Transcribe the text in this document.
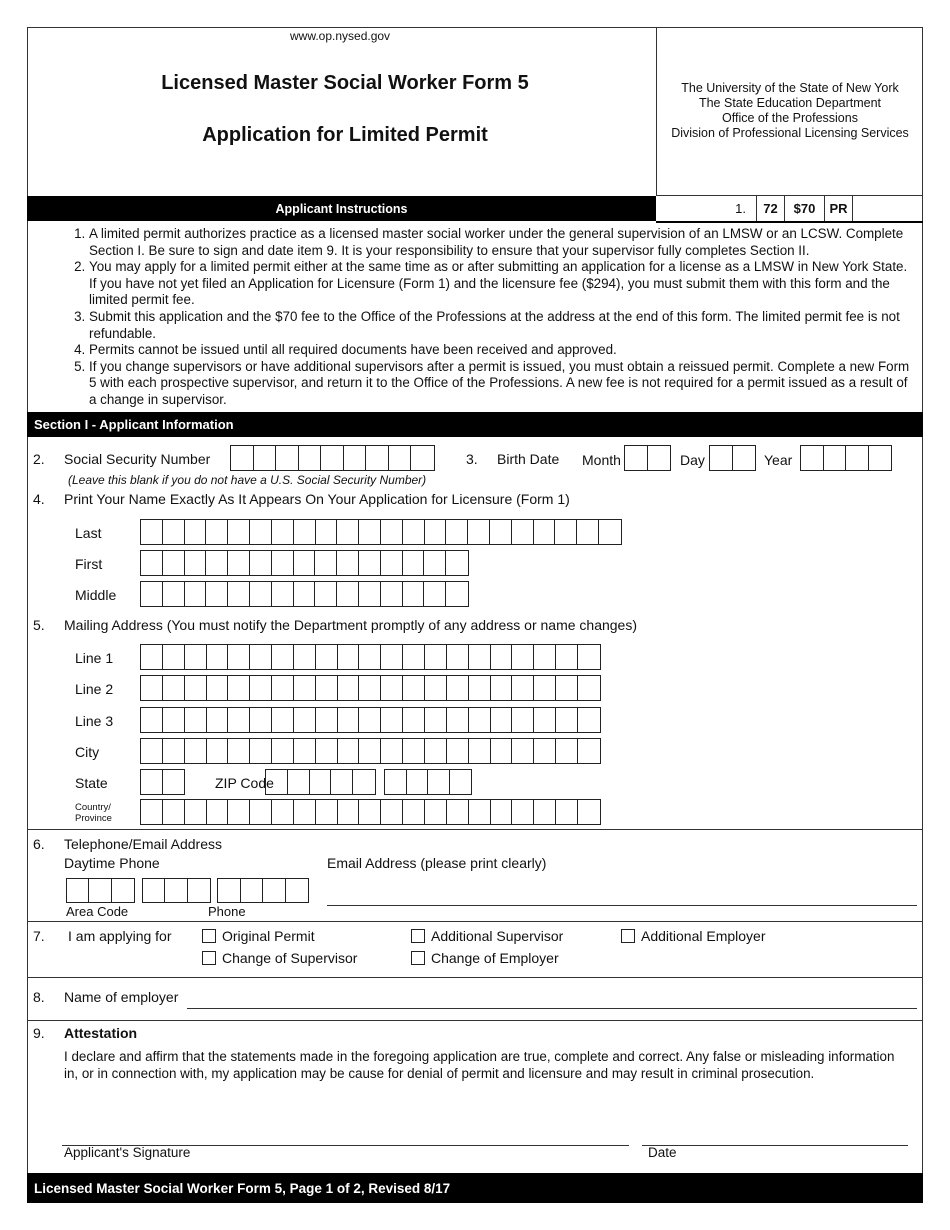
www.op.nysed.gov
Licensed Master Social Worker Form 5
Application for Limited Permit
The University of the State of New York
The State Education Department
Office of the Professions
Division of Professional Licensing Services
Applicant Instructions	1.	72	$70	PR
1. A limited permit authorizes practice as a licensed master social worker under the general supervision of an LMSW or an LCSW. Complete Section I. Be sure to sign and date item 9. It is your responsibility to ensure that your supervisor fully completes Section II.
2. You may apply for a limited permit either at the same time as or after submitting an application for a license as a LMSW in New York State. If you have not yet filed an Application for Licensure (Form 1) and the licensure fee ($294), you must submit them with this form and the limited permit fee.
3. Submit this application and the $70 fee to the Office of the Professions at the address at the end of this form. The limited permit fee is not refundable.
4. Permits cannot be issued until all required documents have been received and approved.
5. If you change supervisors or have additional supervisors after a permit is issued, you must obtain a reissued permit. Complete a new Form 5 with each prospective supervisor, and return it to the Office of the Professions. A new fee is not required for a permit issued as a result of a change in supervisor.
Section I - Applicant Information
2. Social Security Number	3. Birth Date Month	Day	Year
(Leave this blank if you do not have a U.S. Social Security Number)
4. Print Your Name Exactly As It Appears On Your Application for Licensure (Form 1)
Last
First
Middle
5. Mailing Address (You must notify the Department promptly of any address or name changes)
Line 1
Line 2
Line 3
City
State	ZIP Code
Country/
Province
6. Telephone/Email Address
Daytime Phone	Email Address (please print clearly)
Area Code	Phone
7. I am applying for	Original Permit	Additional Supervisor	Additional Employer
Change of Supervisor	Change of Employer
8. Name of employer
9. Attestation
I declare and affirm that the statements made in the foregoing application are true, complete and correct. Any false or misleading information in, or in connection with, my application may be cause for denial of permit and licensure and may result in criminal prosecution.
Applicant's Signature	Date
Licensed Master Social Worker Form 5, Page 1 of 2, Revised 8/17
